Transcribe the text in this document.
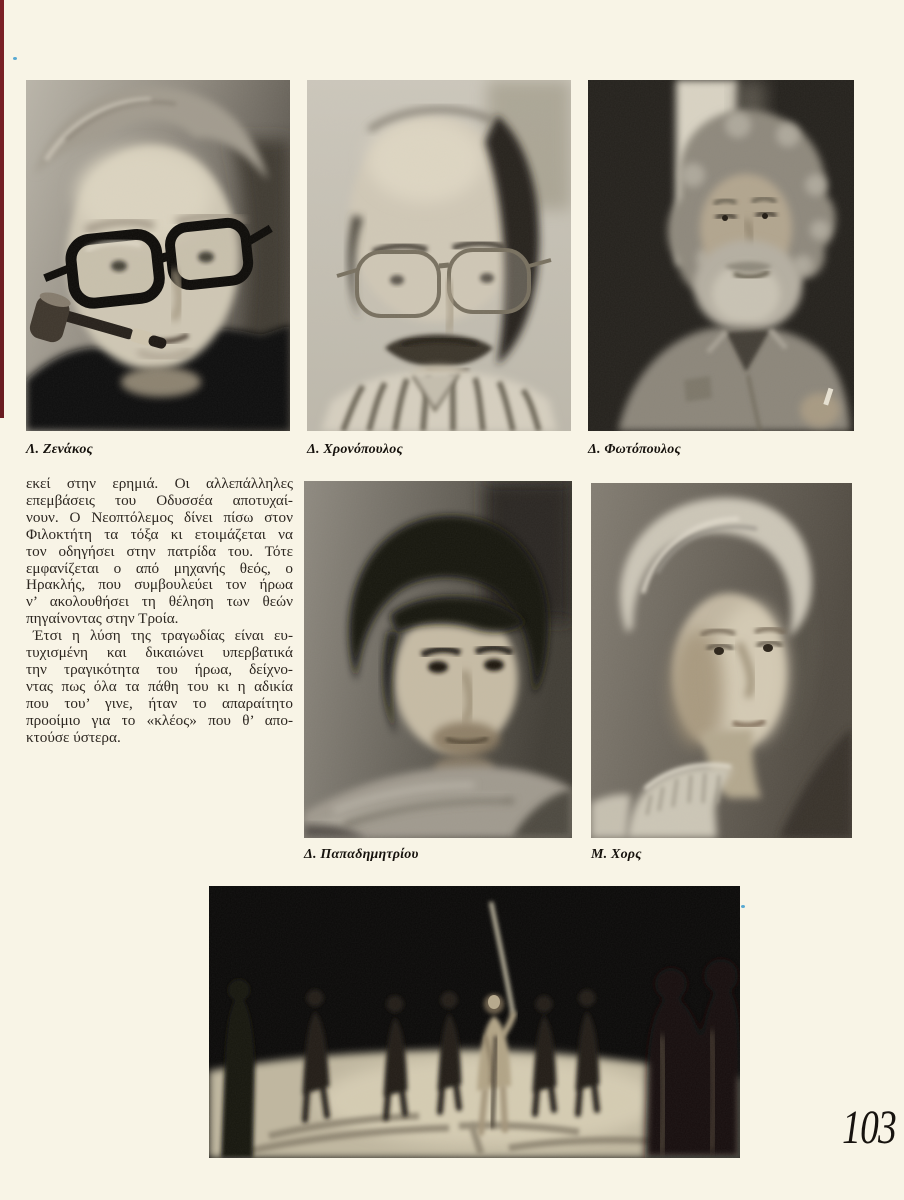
Λ. Ζενάκος	Δ. Χρονόπουλος	Δ. Φωτόπουλος
Δ. Παπαδημητρίου	Μ. Χορς
εκεί στην ερημιά. Οι αλλεπάλληλες
επεμβάσεις του Οδυσσέα αποτυχαί-
νουν. Ο Νεοπτόλεμος δίνει πίσω στον
Φιλοκτήτη τα τόξα κι ετοιμάζεται να
τον οδηγήσει στην πατρίδα του. Τότε
εμφανίζεται ο από μηχανής θεός, ο
Ηρακλής, που συμβουλεύει τον ήρωα
ν’ ακολουθήσει τη θέληση των θεών
πηγαίνοντας στην Τροία.
Έτσι η λύση της τραγωδίας είναι ευ-
τυχισμένη και δικαιώνει υπερβατικά
την τραγικότητα του ήρωα, δείχνο-
ντας πως όλα τα πάθη του κι η αδικία
που του’ γινε, ήταν το απαραίτητο
προοίμιο για το «κλέος» που θ’ απο-
κτούσε ύστερα.
103
